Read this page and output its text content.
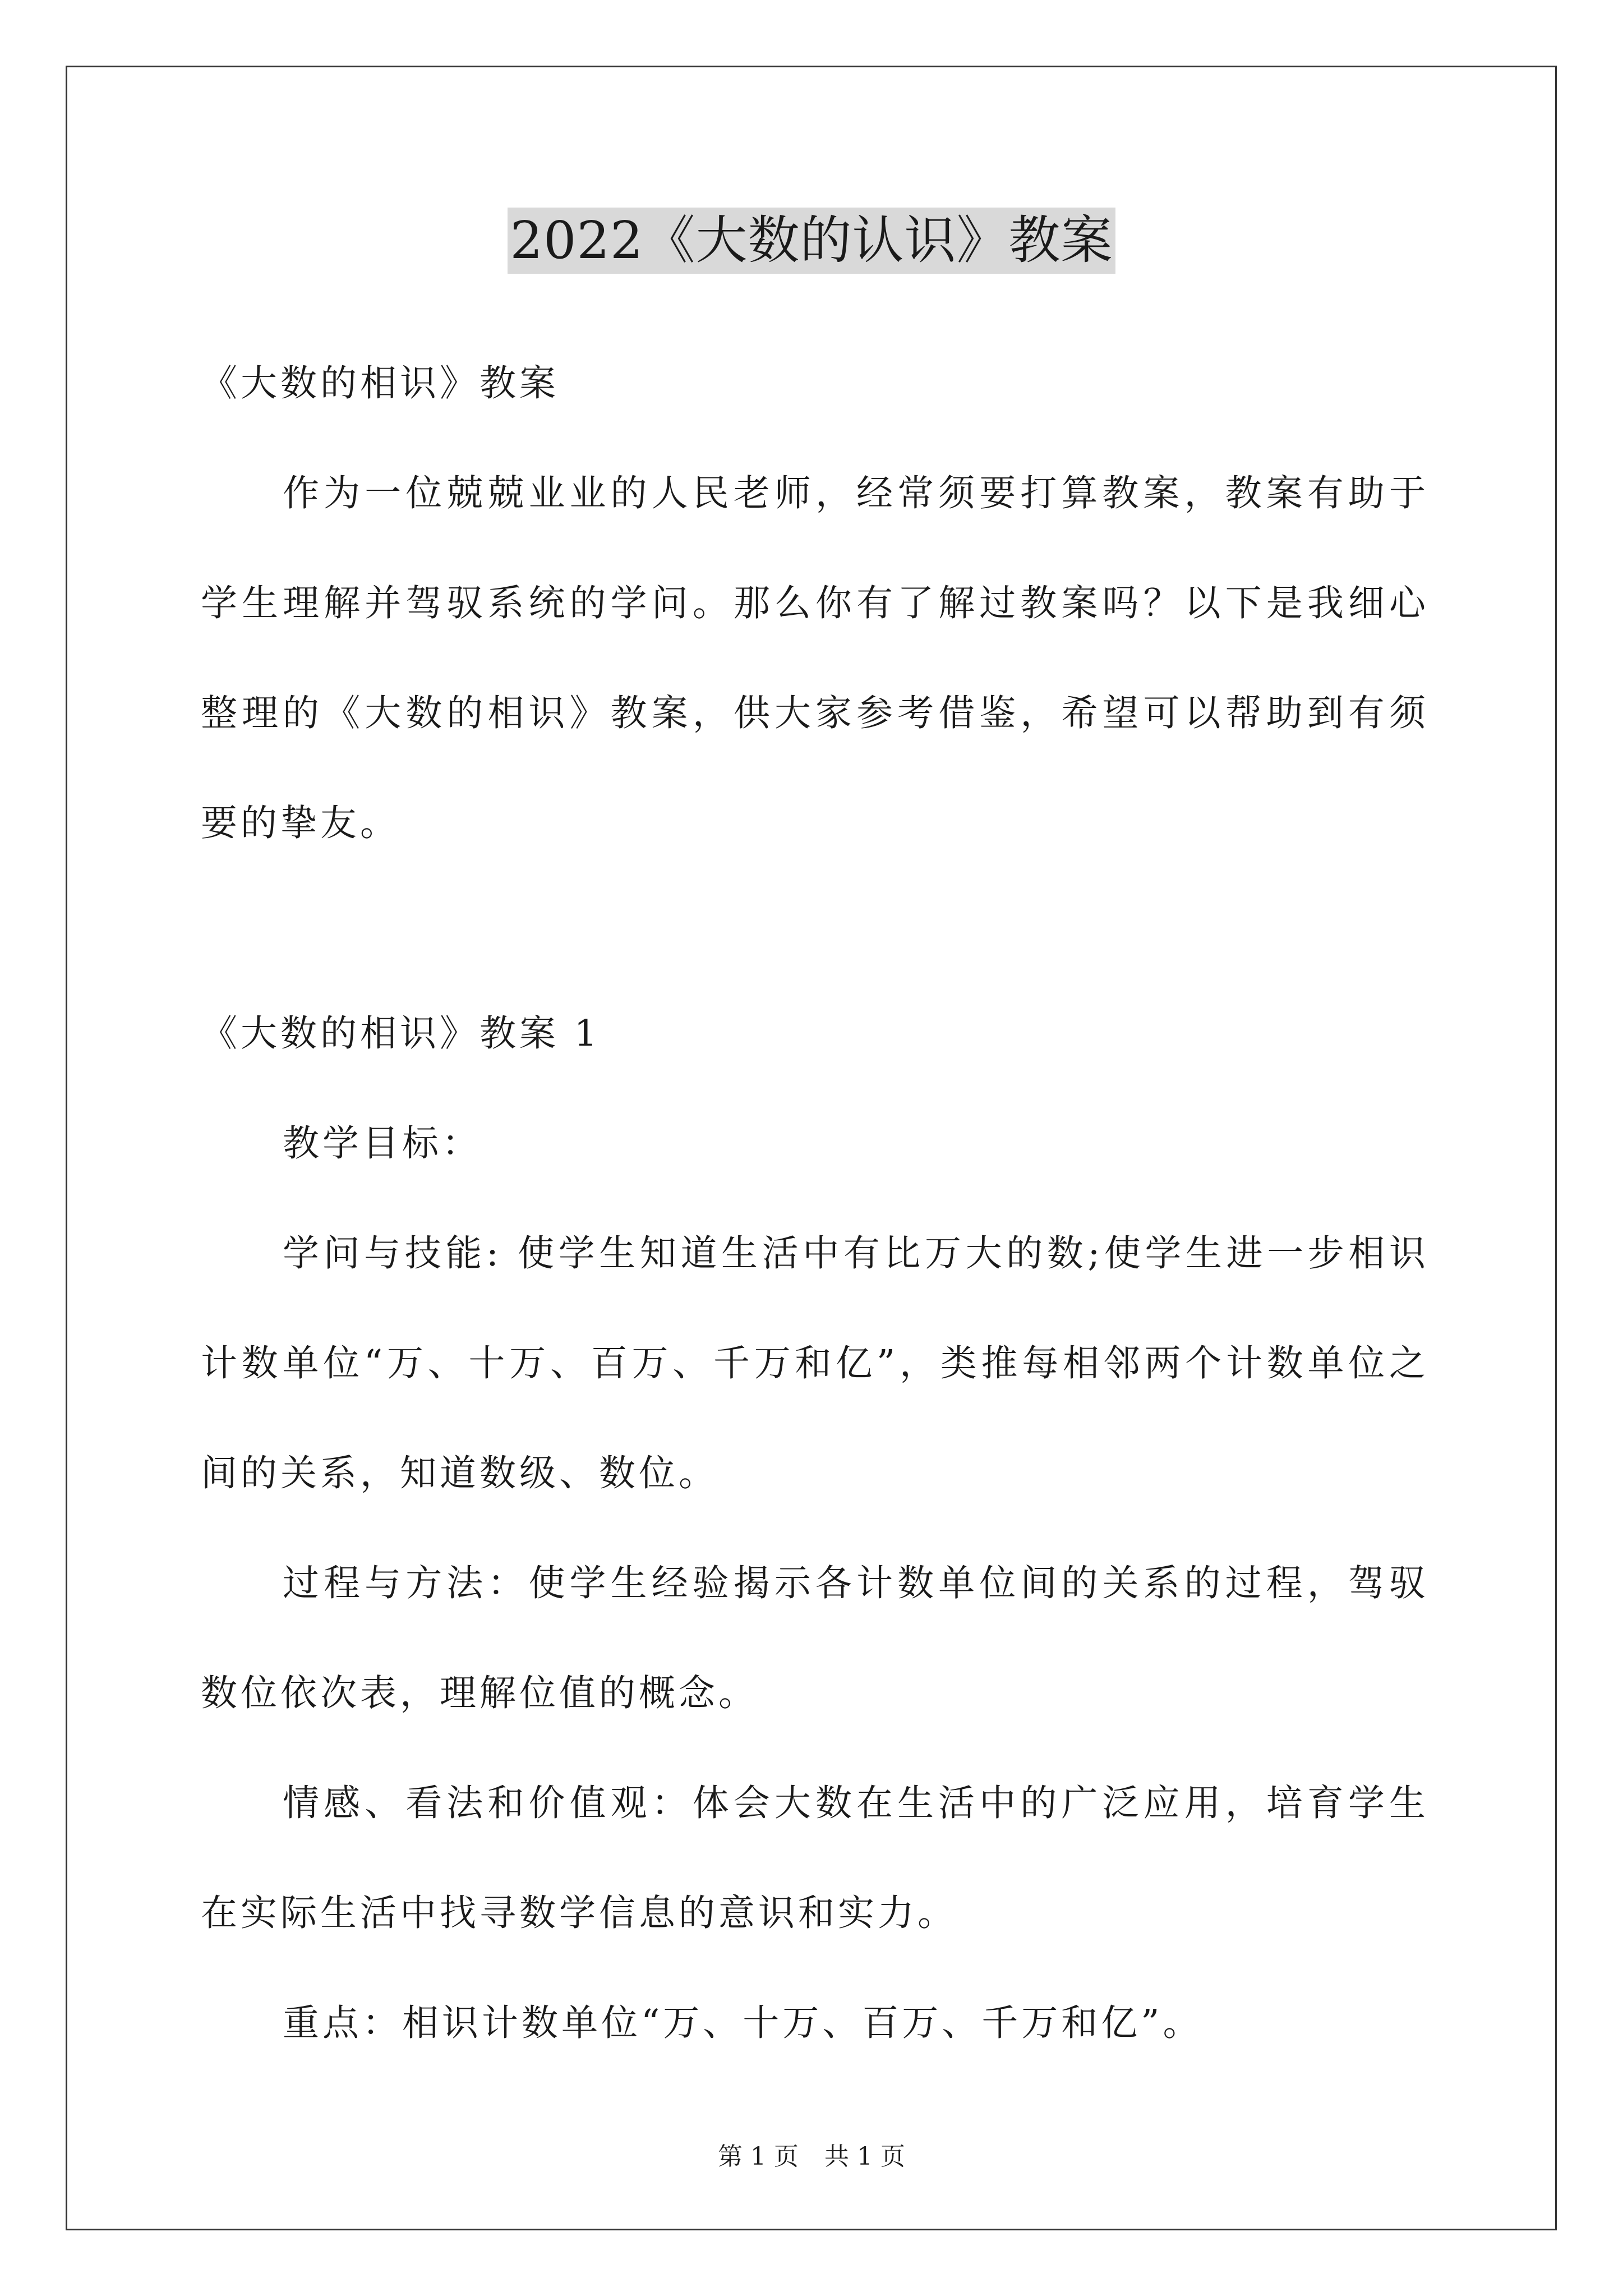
2022《大数的认识》教案
《大数的相识》教案
作为一位兢兢业业的人民老师，经常须要打算教案，教案有助于
学生理解并驾驭系统的学问。那么你有了解过教案吗？以下是我细心
整理的《大数的相识》教案，供大家参考借鉴，希望可以帮助到有须
要的挚友。
《大数的相识》教案 1
教学目标：
学问与技能: 使学生知道生活中有比万大的数;使学生进一步相识
计数单位“万、十万、百万、千万和亿”，类推每相邻两个计数单位之
间的关系，知道数级、数位。
过程与方法：使学生经验揭示各计数单位间的关系的过程，驾驭
数位依次表，理解位值的概念。
情感、看法和价值观：体会大数在生活中的广泛应用，培育学生
在实际生活中找寻数学信息的意识和实力。
重点：相识计数单位“万、十万、百万、千万和亿”。
第 1 页 共 1 页
